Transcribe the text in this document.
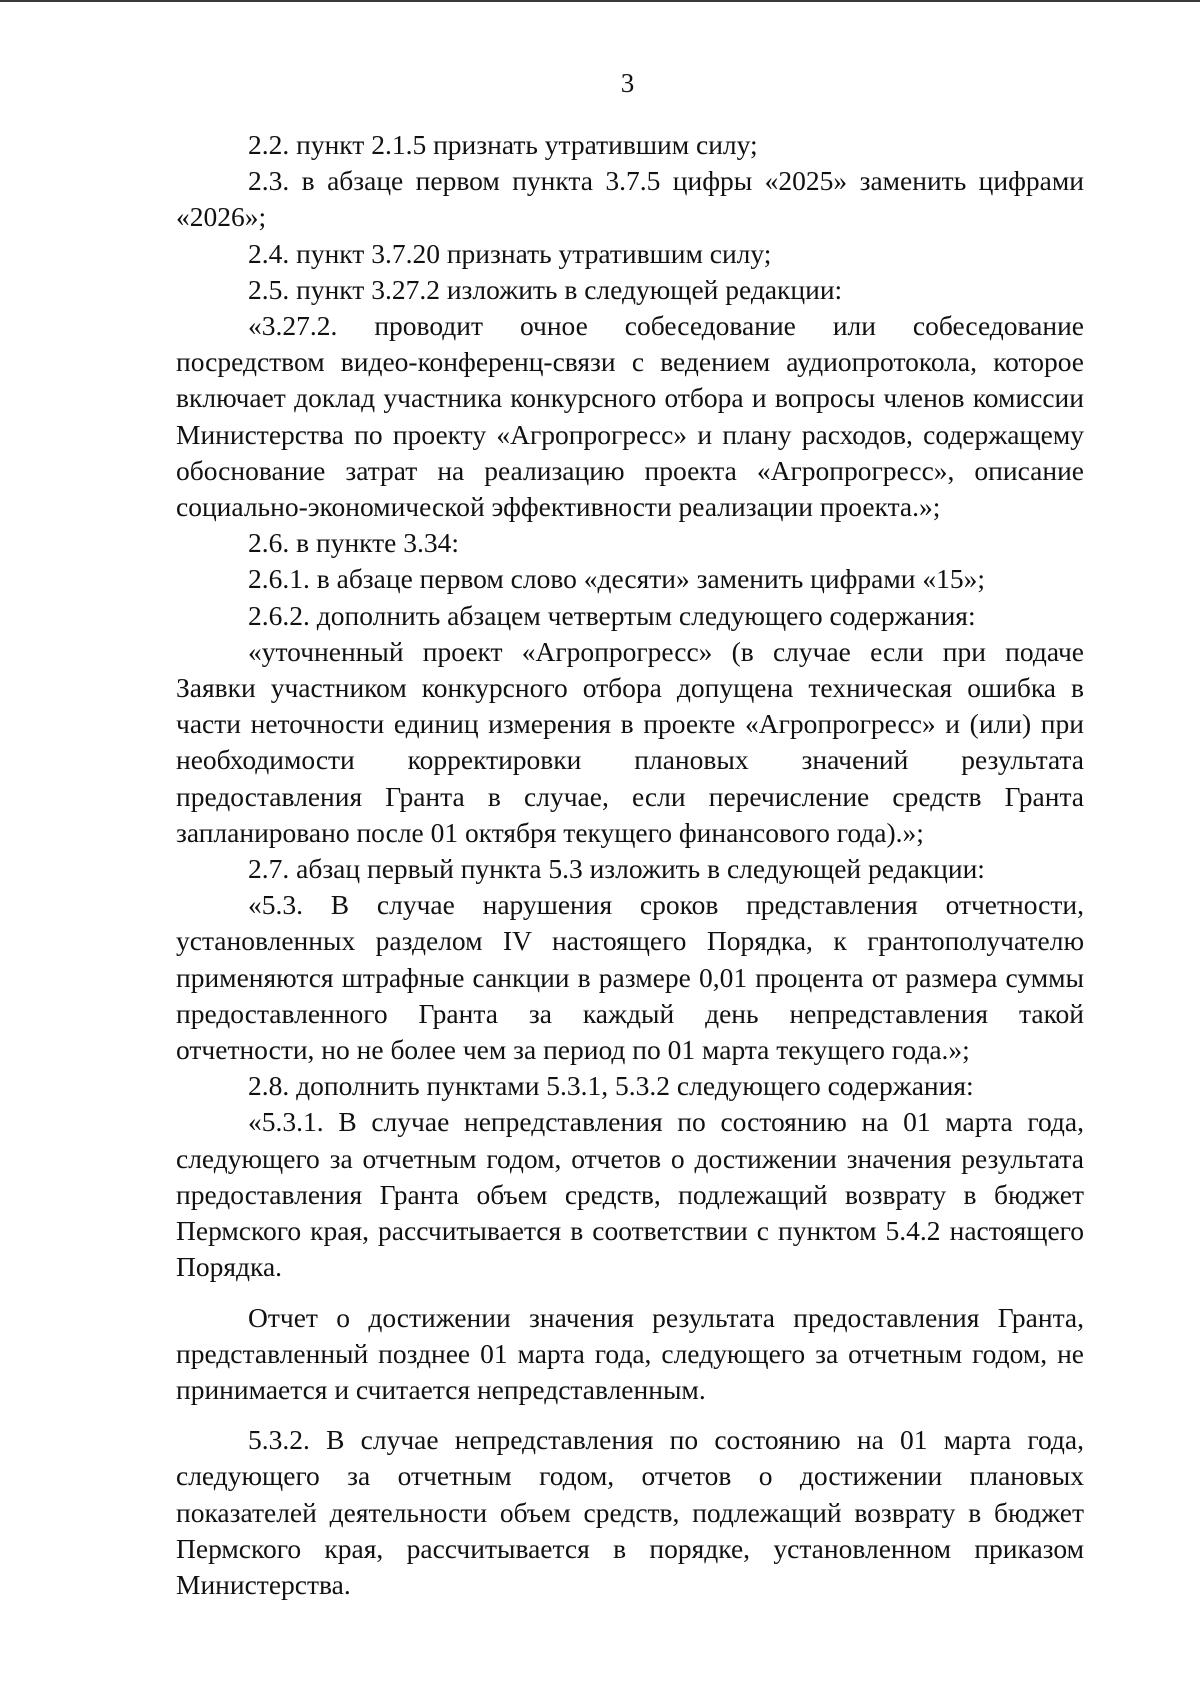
3

2.2. пункт 2.1.5 признать утратившим силу;

2.3. в абзаце первом пункта 3.7.5 цифры «2025» заменить цифрами «2026»;

2.4. пункт 3.7.20 признать утратившим силу;

2.5. пункт 3.27.2 изложить в следующей редакции:

«3.27.2. проводит очное собеседование или собеседование посредством видео-конференц-связи с ведением аудиопротокола, которое включает доклад участника конкурсного отбора и вопросы членов комиссии Министерства по проекту «Агропрогресс» и плану расходов, содержащему обоснование затрат на реализацию проекта «Агропрогресс», описание социально-экономической эффективности реализации проекта.»;

2.6. в пункте 3.34:

2.6.1. в абзаце первом слово «десяти» заменить цифрами «15»;

2.6.2. дополнить абзацем четвертым следующего содержания:

«уточненный проект «Агропрогресс» (в случае если при подаче Заявки участником конкурсного отбора допущена техническая ошибка в части неточности единиц измерения в проекте «Агропрогресс» и (или) при необходимости корректировки плановых значений результата предоставления Гранта в случае, если перечисление средств Гранта запланировано после 01 октября текущего финансового года).»;

2.7. абзац первый пункта 5.3 изложить в следующей редакции:

«5.3. В случае нарушения сроков представления отчетности, установленных разделом IV настоящего Порядка, к грантополучателю применяются штрафные санкции в размере 0,01 процента от размера суммы предоставленного Гранта за каждый день непредставления такой отчетности, но не более чем за период по 01 марта текущего года.»;

2.8. дополнить пунктами 5.3.1, 5.3.2 следующего содержания:

«5.3.1. В случае непредставления по состоянию на 01 марта года, следующего за отчетным годом, отчетов о достижении значения результата предоставления Гранта объем средств, подлежащий возврату в бюджет Пермского края, рассчитывается в соответствии с пунктом 5.4.2 настоящего Порядка.

Отчет о достижении значения результата предоставления Гранта, представленный позднее 01 марта года, следующего за отчетным годом, не принимается и считается непредставленным.

5.3.2. В случае непредставления по состоянию на 01 марта года, следующего за отчетным годом, отчетов о достижении плановых показателей деятельности объем средств, подлежащий возврату в бюджет Пермского края, рассчитывается в порядке, установленном приказом Министерства.
